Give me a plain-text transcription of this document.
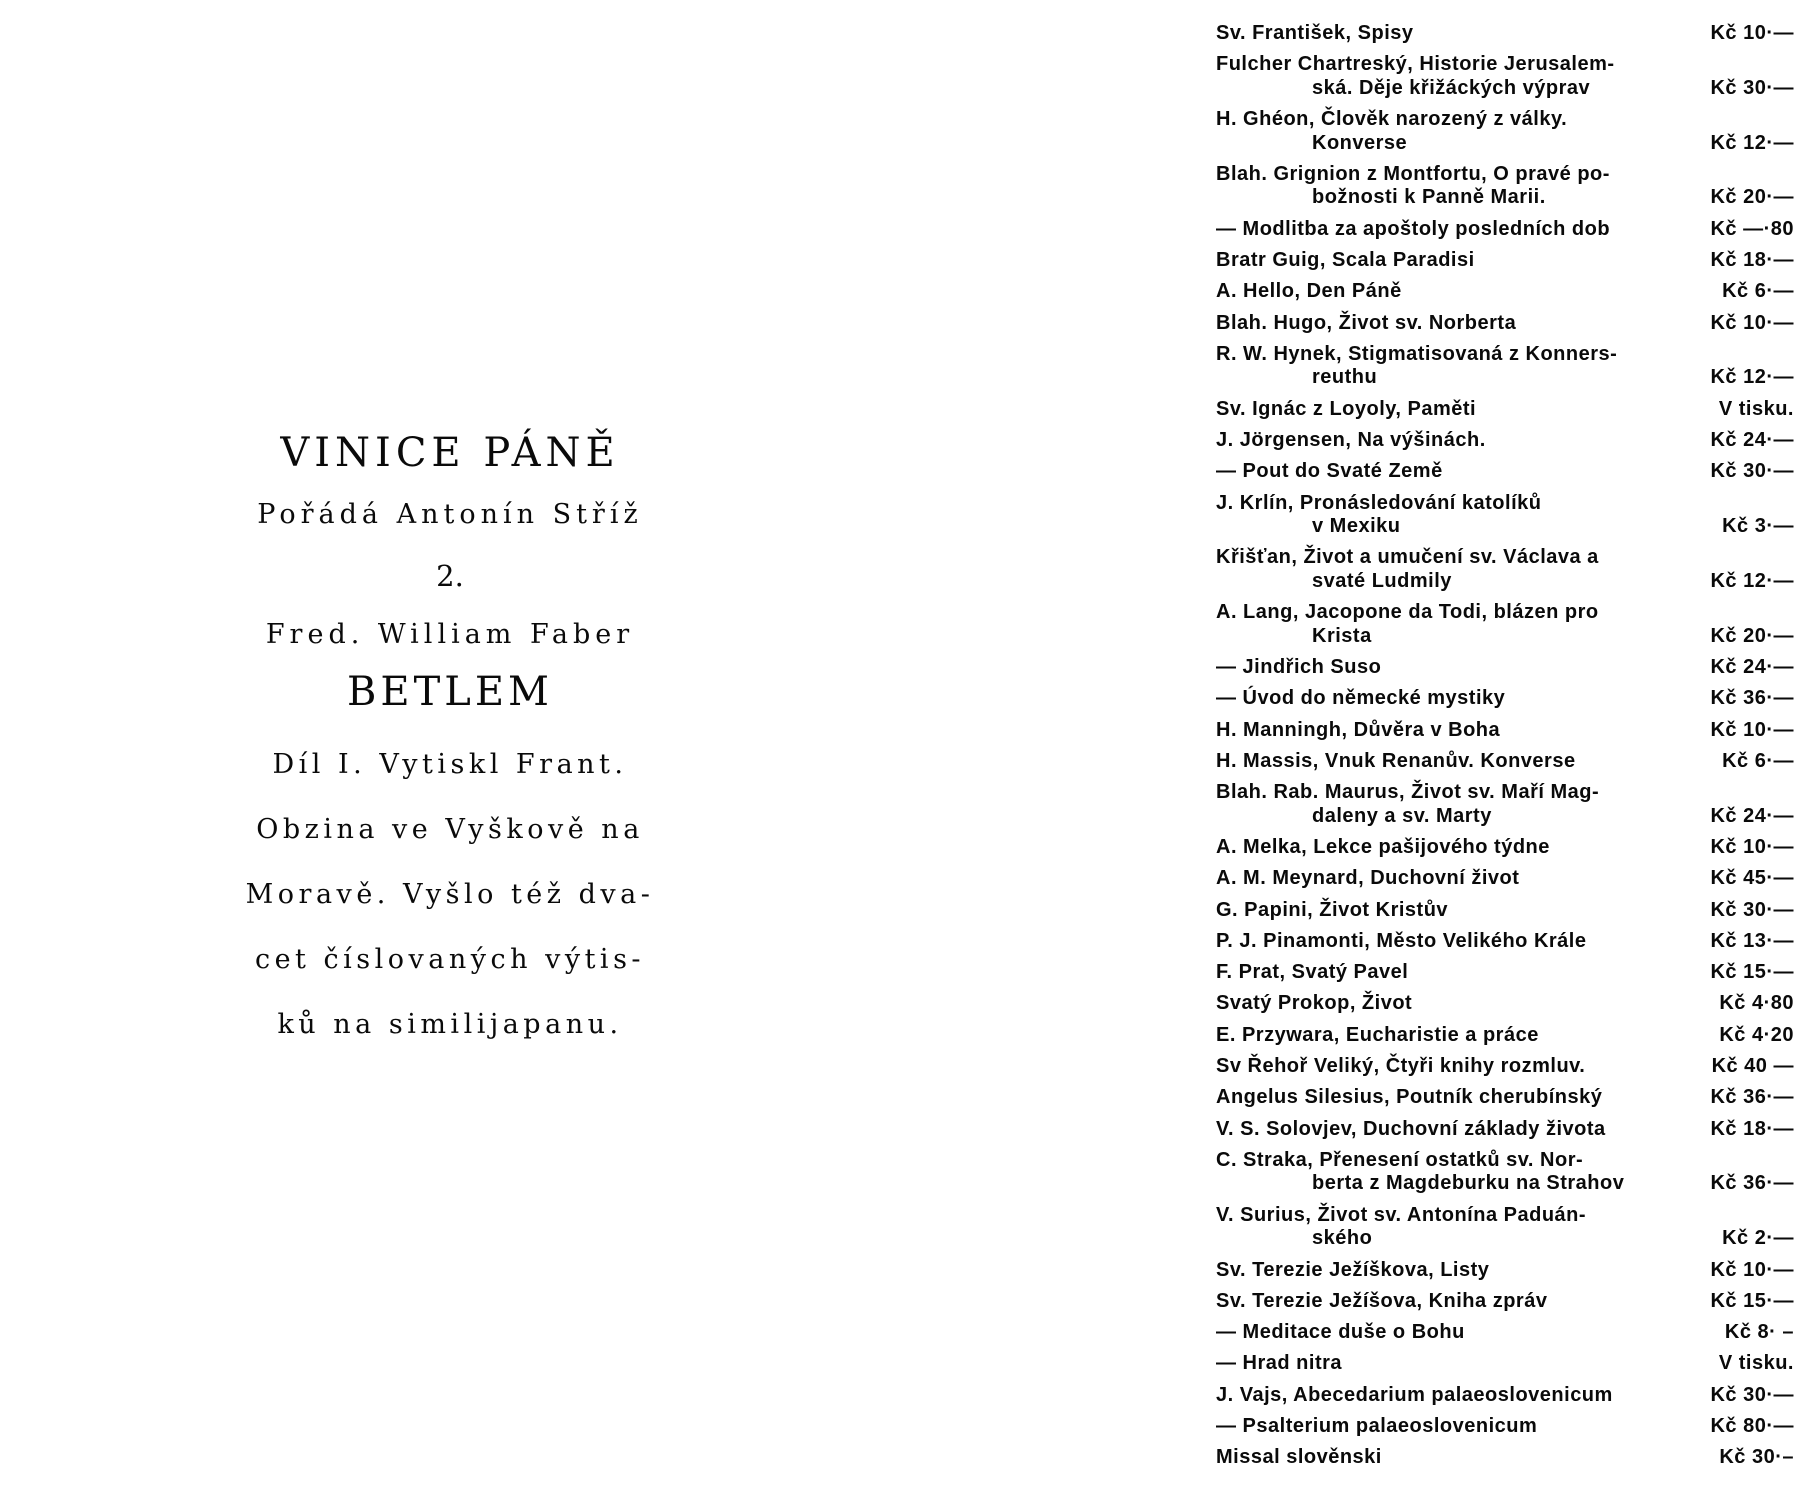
VINICE PÁNĚ
Pořádá Antonín Stříž
2.
Fred. William Faber
BETLEM
Díl I. Vytiskl Frant.
Obzina ve Vyškově na
Moravě. Vyšlo též dva-
cet číslovaných výtis-
ků na similijapanu.
Sv. František, Spisy	Kč 10·—
Fulcher Chartreský, Historie Jerusalem-
ská. Děje křižáckých výprav	Kč 30·—
H. Ghéon, Člověk narozený z války.
Konverse	Kč 12·—
Blah. Grignion z Montfortu, O pravé po-
božnosti k Panně Marii.	Kč 20·—
— Modlitba za apoštoly posledních dob	Kč —·80
Bratr Guig, Scala Paradisi	Kč 18·—
A. Hello, Den Páně	Kč 6·—
Blah. Hugo, Život sv. Norberta	Kč 10·—
R. W. Hynek, Stigmatisovaná z Konners-
reuthu	Kč 12·—
Sv. Ignác z Loyoly, Paměti	V tisku.
J. Jörgensen, Na výšinách.	Kč 24·—
— Pout do Svaté Země	Kč 30·—
J. Krlín, Pronásledování katolíků
v Mexiku	Kč 3·—
Křišťan, Život a umučení sv. Václava a
svaté Ludmily	Kč 12·—
A. Lang, Jacopone da Todi, blázen pro
Krista	Kč 20·—
— Jindřich Suso	Kč 24·—
— Úvod do německé mystiky	Kč 36·—
H. Manningh, Důvěra v Boha	Kč 10·—
H. Massis, Vnuk Renanův. Konverse	Kč 6·—
Blah. Rab. Maurus, Život sv. Maří Mag-
daleny a sv. Marty	Kč 24·—
A. Melka, Lekce pašijového týdne	Kč 10·—
A. M. Meynard, Duchovní život	Kč 45·—
G. Papini, Život Kristův	Kč 30·—
P. J. Pinamonti, Město Velikého Krále	Kč 13·—
F. Prat, Svatý Pavel	Kč 15·—
Svatý Prokop, Život	Kč 4·80
E. Przywara, Eucharistie a práce	Kč 4·20
Sv Řehoř Veliký, Čtyři knihy rozmluv.	Kč 40 —
Angelus Silesius, Poutník cherubínský	Kč 36·—
V. S. Solovjev, Duchovní základy života	Kč 18·—
C. Straka, Přenesení ostatků sv. Nor-
berta z Magdeburku na Strahov	Kč 36·—
V. Surius, Život sv. Antonína Paduán-
ského	Kč 2·—
Sv. Terezie Ježíškova, Listy	Kč 10·—
Sv. Terezie Ježíšova, Kniha zpráv	Kč 15·—
— Meditace duše o Bohu	Kč 8· –
— Hrad nitra	V tisku.
J. Vajs, Abecedarium palaeoslovenicum	Kč 30·—
— Psalterium palaeoslovenicum	Kč 80·—
Missal slověnski	Kč 30·–
